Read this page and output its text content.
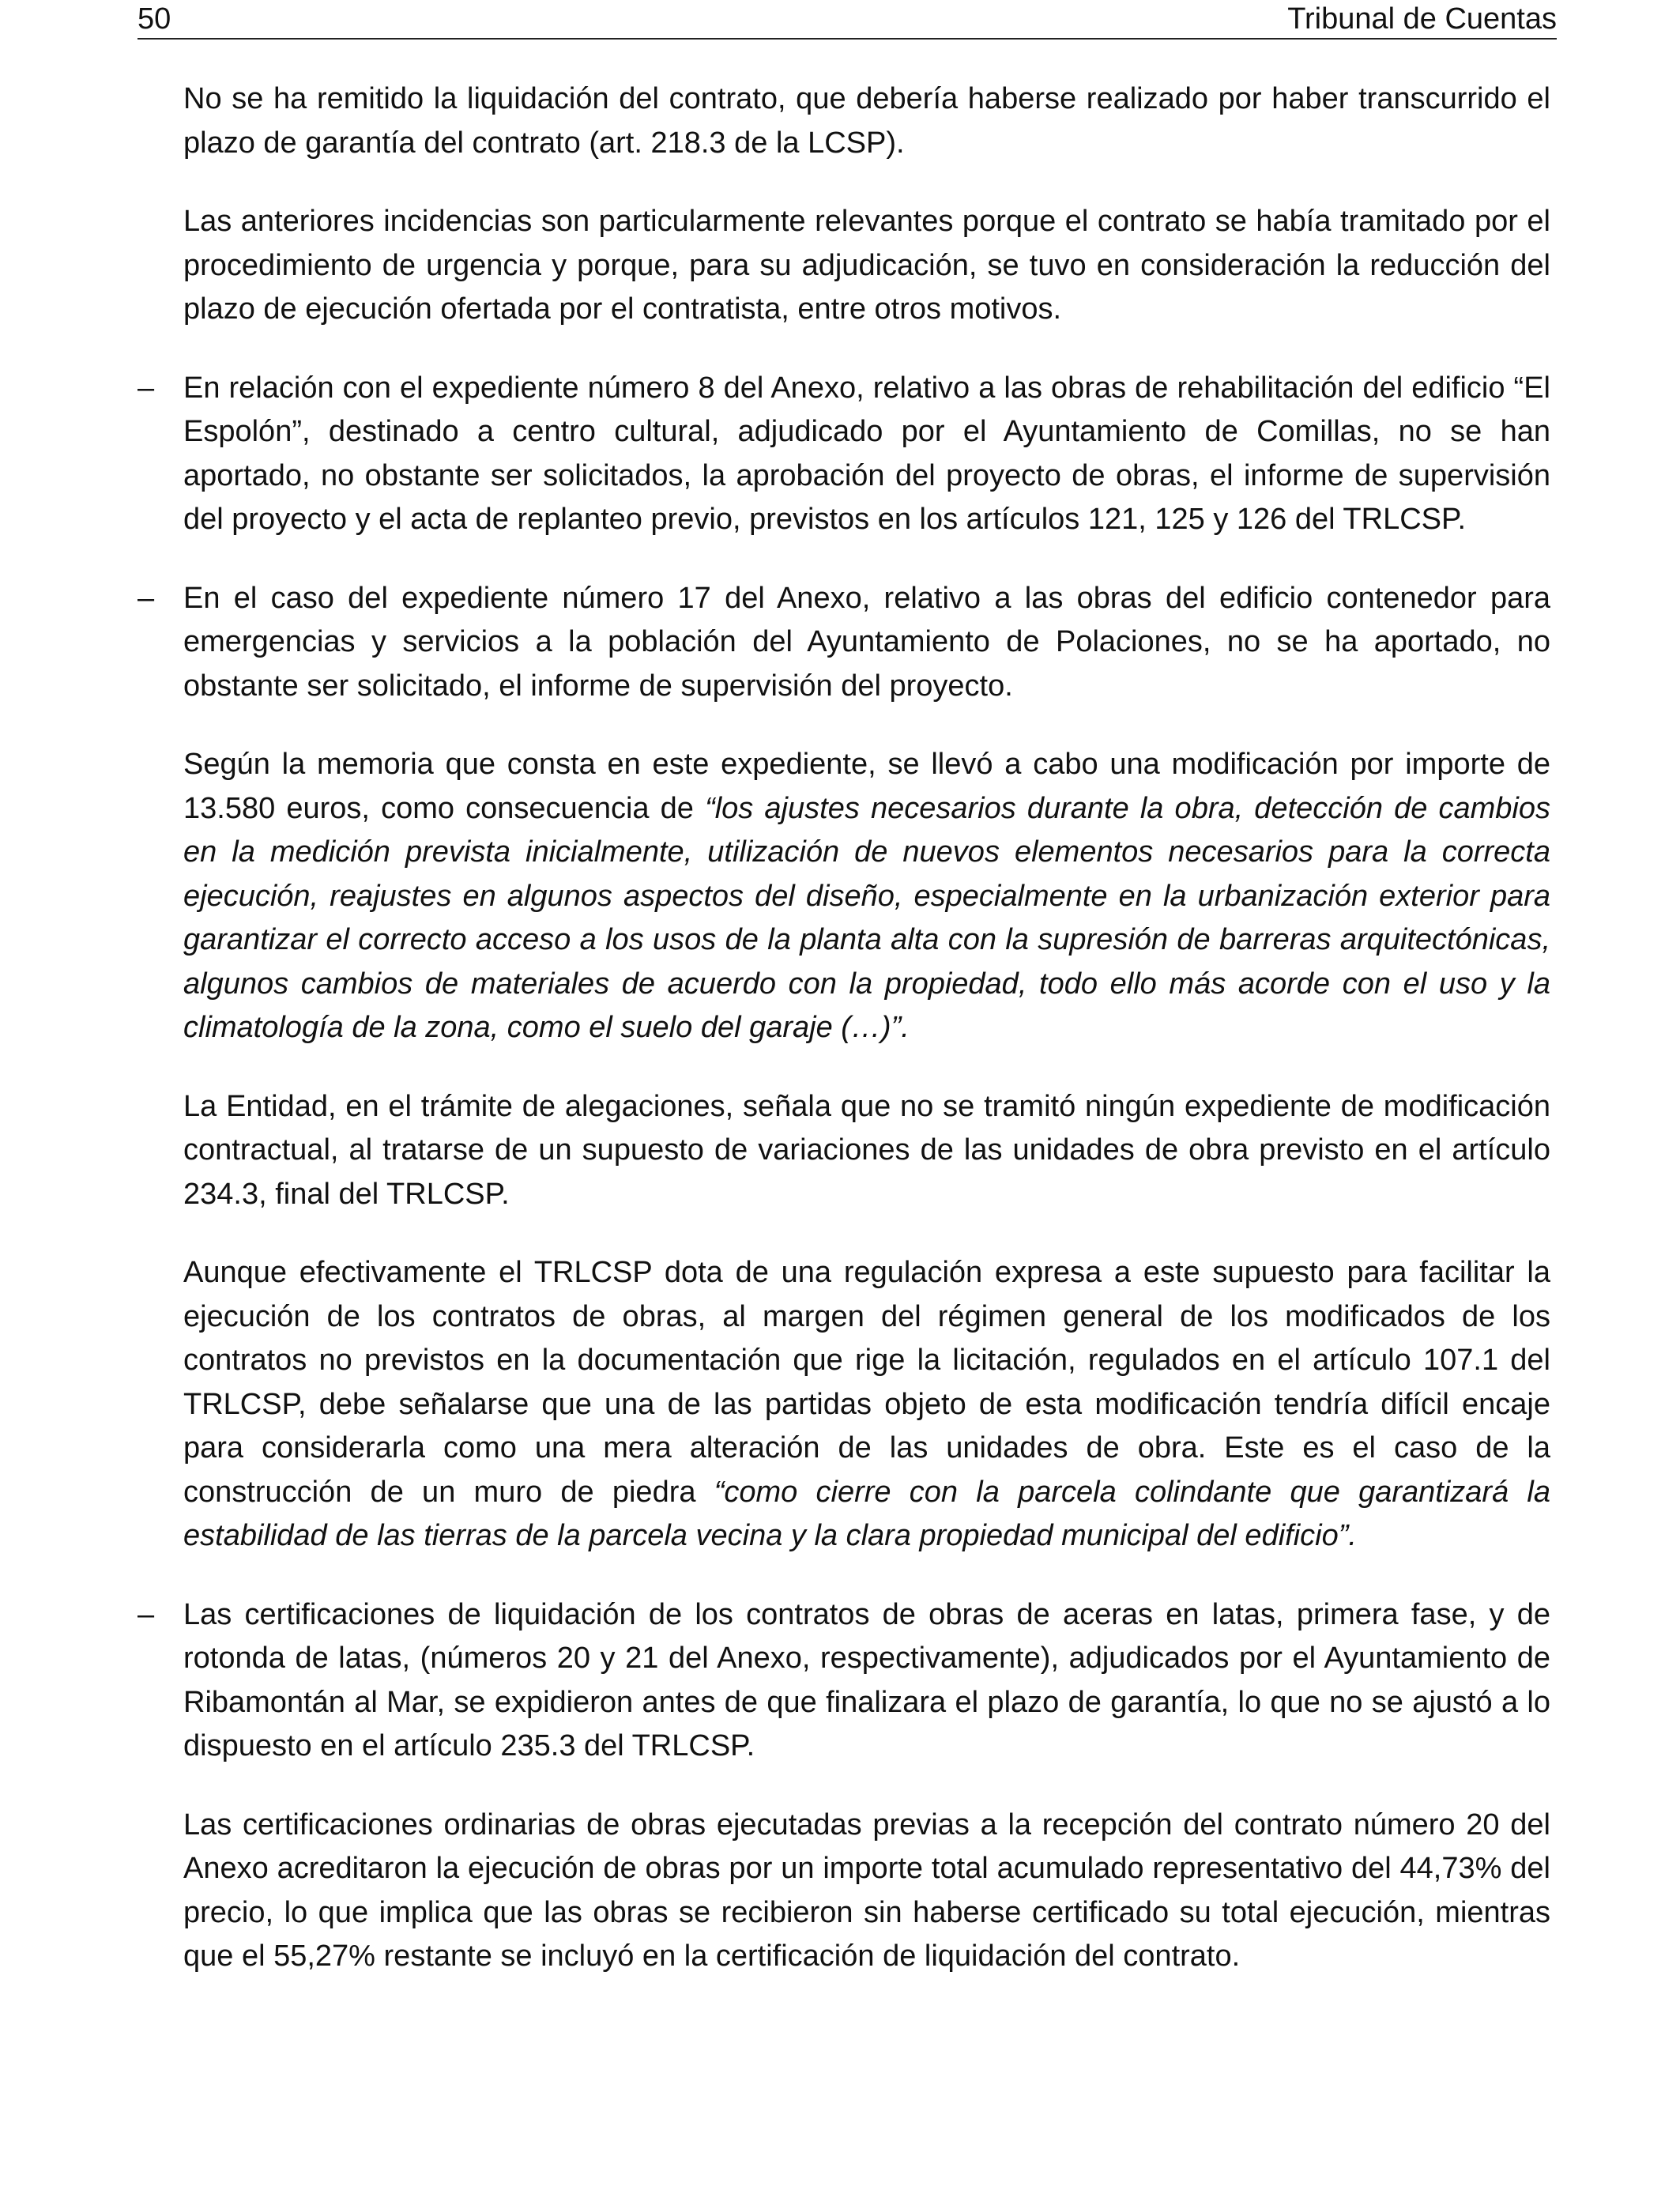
50	Tribunal de Cuentas

No se ha remitido la liquidación del contrato, que debería haberse realizado por haber transcurrido el plazo de garantía del contrato (art. 218.3 de la LCSP).

Las anteriores incidencias son particularmente relevantes porque el contrato se había tramitado por el procedimiento de urgencia y porque, para su adjudicación, se tuvo en consideración la reducción del plazo de ejecución ofertada por el contratista, entre otros motivos.

– En relación con el expediente número 8 del Anexo, relativo a las obras de rehabilitación del edificio “El Espolón”, destinado a centro cultural, adjudicado por el Ayuntamiento de Comillas, no se han aportado, no obstante ser solicitados, la aprobación del proyecto de obras, el informe de supervisión del proyecto y el acta de replanteo previo, previstos en los artículos 121, 125 y 126 del TRLCSP.

– En el caso del expediente número 17 del Anexo, relativo a las obras del edificio contenedor para emergencias y servicios a la población del Ayuntamiento de Polaciones, no se ha aportado, no obstante ser solicitado, el informe de supervisión del proyecto.

Según la memoria que consta en este expediente, se llevó a cabo una modificación por importe de 13.580 euros, como consecuencia de “los ajustes necesarios durante la obra, detección de cambios en la medición prevista inicialmente, utilización de nuevos elementos necesarios para la correcta ejecución, reajustes en algunos aspectos del diseño, especialmente en la urbanización exterior para garantizar el correcto acceso a los usos de la planta alta con la supresión de barreras arquitectónicas, algunos cambios de materiales de acuerdo con la propiedad, todo ello más acorde con el uso y la climatología de la zona, como el suelo del garaje (…)”.

La Entidad, en el trámite de alegaciones, señala que no se tramitó ningún expediente de modificación contractual, al tratarse de un supuesto de variaciones de las unidades de obra previsto en el artículo 234.3, final del TRLCSP.

Aunque efectivamente el TRLCSP dota de una regulación expresa a este supuesto para facilitar la ejecución de los contratos de obras, al margen del régimen general de los modificados de los contratos no previstos en la documentación que rige la licitación, regulados en el artículo 107.1 del TRLCSP, debe señalarse que una de las partidas objeto de esta modificación tendría difícil encaje para considerarla como una mera alteración de las unidades de obra. Este es el caso de la construcción de un muro de piedra “como cierre con la parcela colindante que garantizará la estabilidad de las tierras de la parcela vecina y la clara propiedad municipal del edificio”.

– Las certificaciones de liquidación de los contratos de obras de aceras en latas, primera fase, y de rotonda de latas, (números 20 y 21 del Anexo, respectivamente), adjudicados por el Ayuntamiento de Ribamontán al Mar, se expidieron antes de que finalizara el plazo de garantía, lo que no se ajustó a lo dispuesto en el artículo 235.3 del TRLCSP.

Las certificaciones ordinarias de obras ejecutadas previas a la recepción del contrato número 20 del Anexo acreditaron la ejecución de obras por un importe total acumulado representativo del 44,73% del precio, lo que implica que las obras se recibieron sin haberse certificado su total ejecución, mientras que el 55,27% restante se incluyó en la certificación de liquidación del contrato.
